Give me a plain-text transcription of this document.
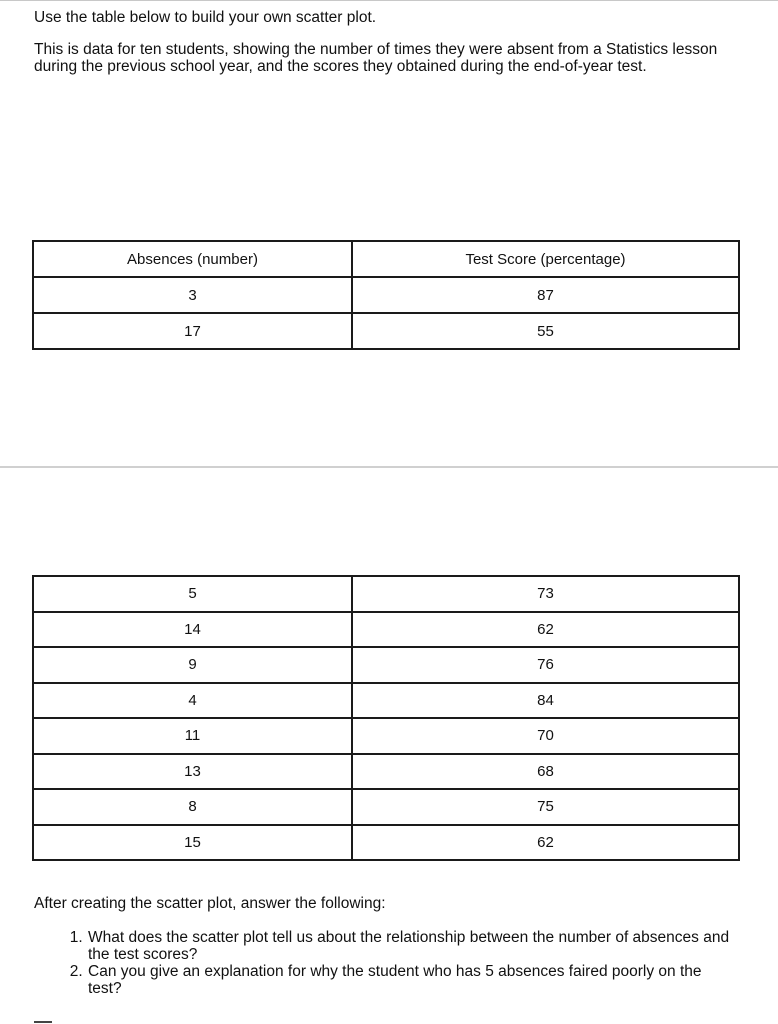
Use the table below to build your own scatter plot.

This is data for ten students, showing the number of times they were absent from a Statistics lesson during the previous school year, and the scores they obtained during the end-of-year test.

Absences (number)	Test Score (percentage)
3	87
17	55
5	73
14	62
9	76
4	84
11	70
13	68
8	75
15	62

After creating the scatter plot, answer the following:

1. What does the scatter plot tell us about the relationship between the number of absences and the test scores?
2. Can you give an explanation for why the student who has 5 absences faired poorly on the test?
